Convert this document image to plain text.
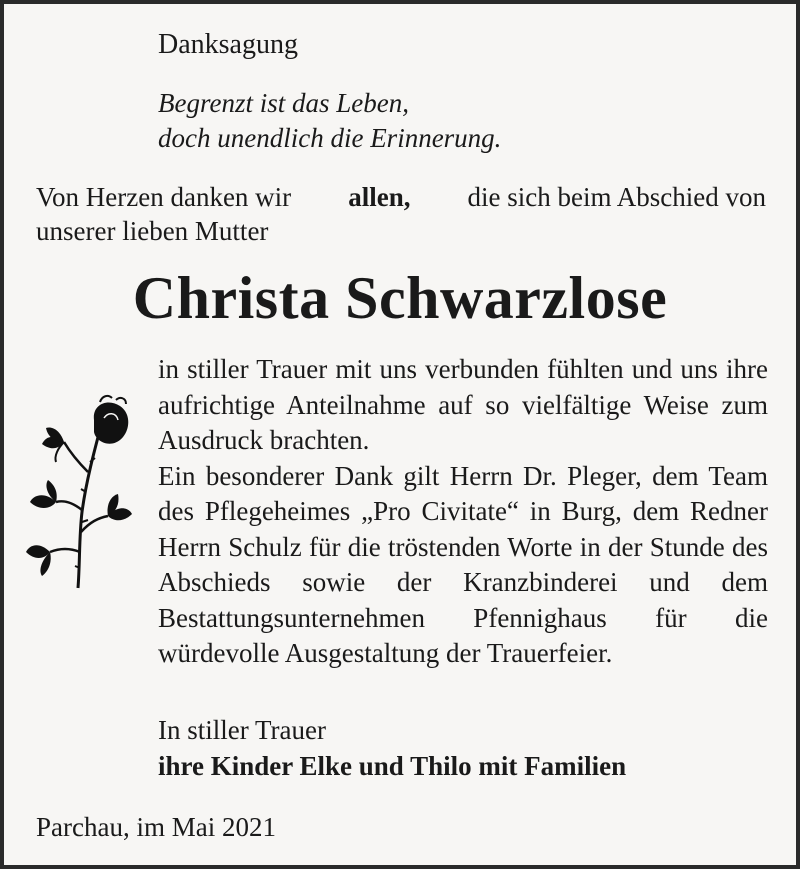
Danksagung
Begrenzt ist das Leben,
doch unendlich die Erinnerung.
Von Herzen danken wir allen, die sich beim Abschied von
unserer lieben Mutter
Christa Schwarzlose

in stiller Trauer mit uns verbunden fühlten und uns ihre aufrichtige Anteilnahme auf so vielfältige Weise zum Ausdruck brachten.

Ein besonderer Dank gilt Herrn Dr. Pleger, dem Team des Pflegeheimes „Pro Civitate“ in Burg, dem Redner Herrn Schulz für die tröstenden Worte in der Stunde des Abschieds sowie der Kranzbinderei und dem Bestattungsunternehmen Pfennighaus für die würdevolle Ausgestaltung der Trauerfeier.

In stiller Trauer
ihre Kinder Elke und Thilo mit Familien
Parchau, im Mai 2021
